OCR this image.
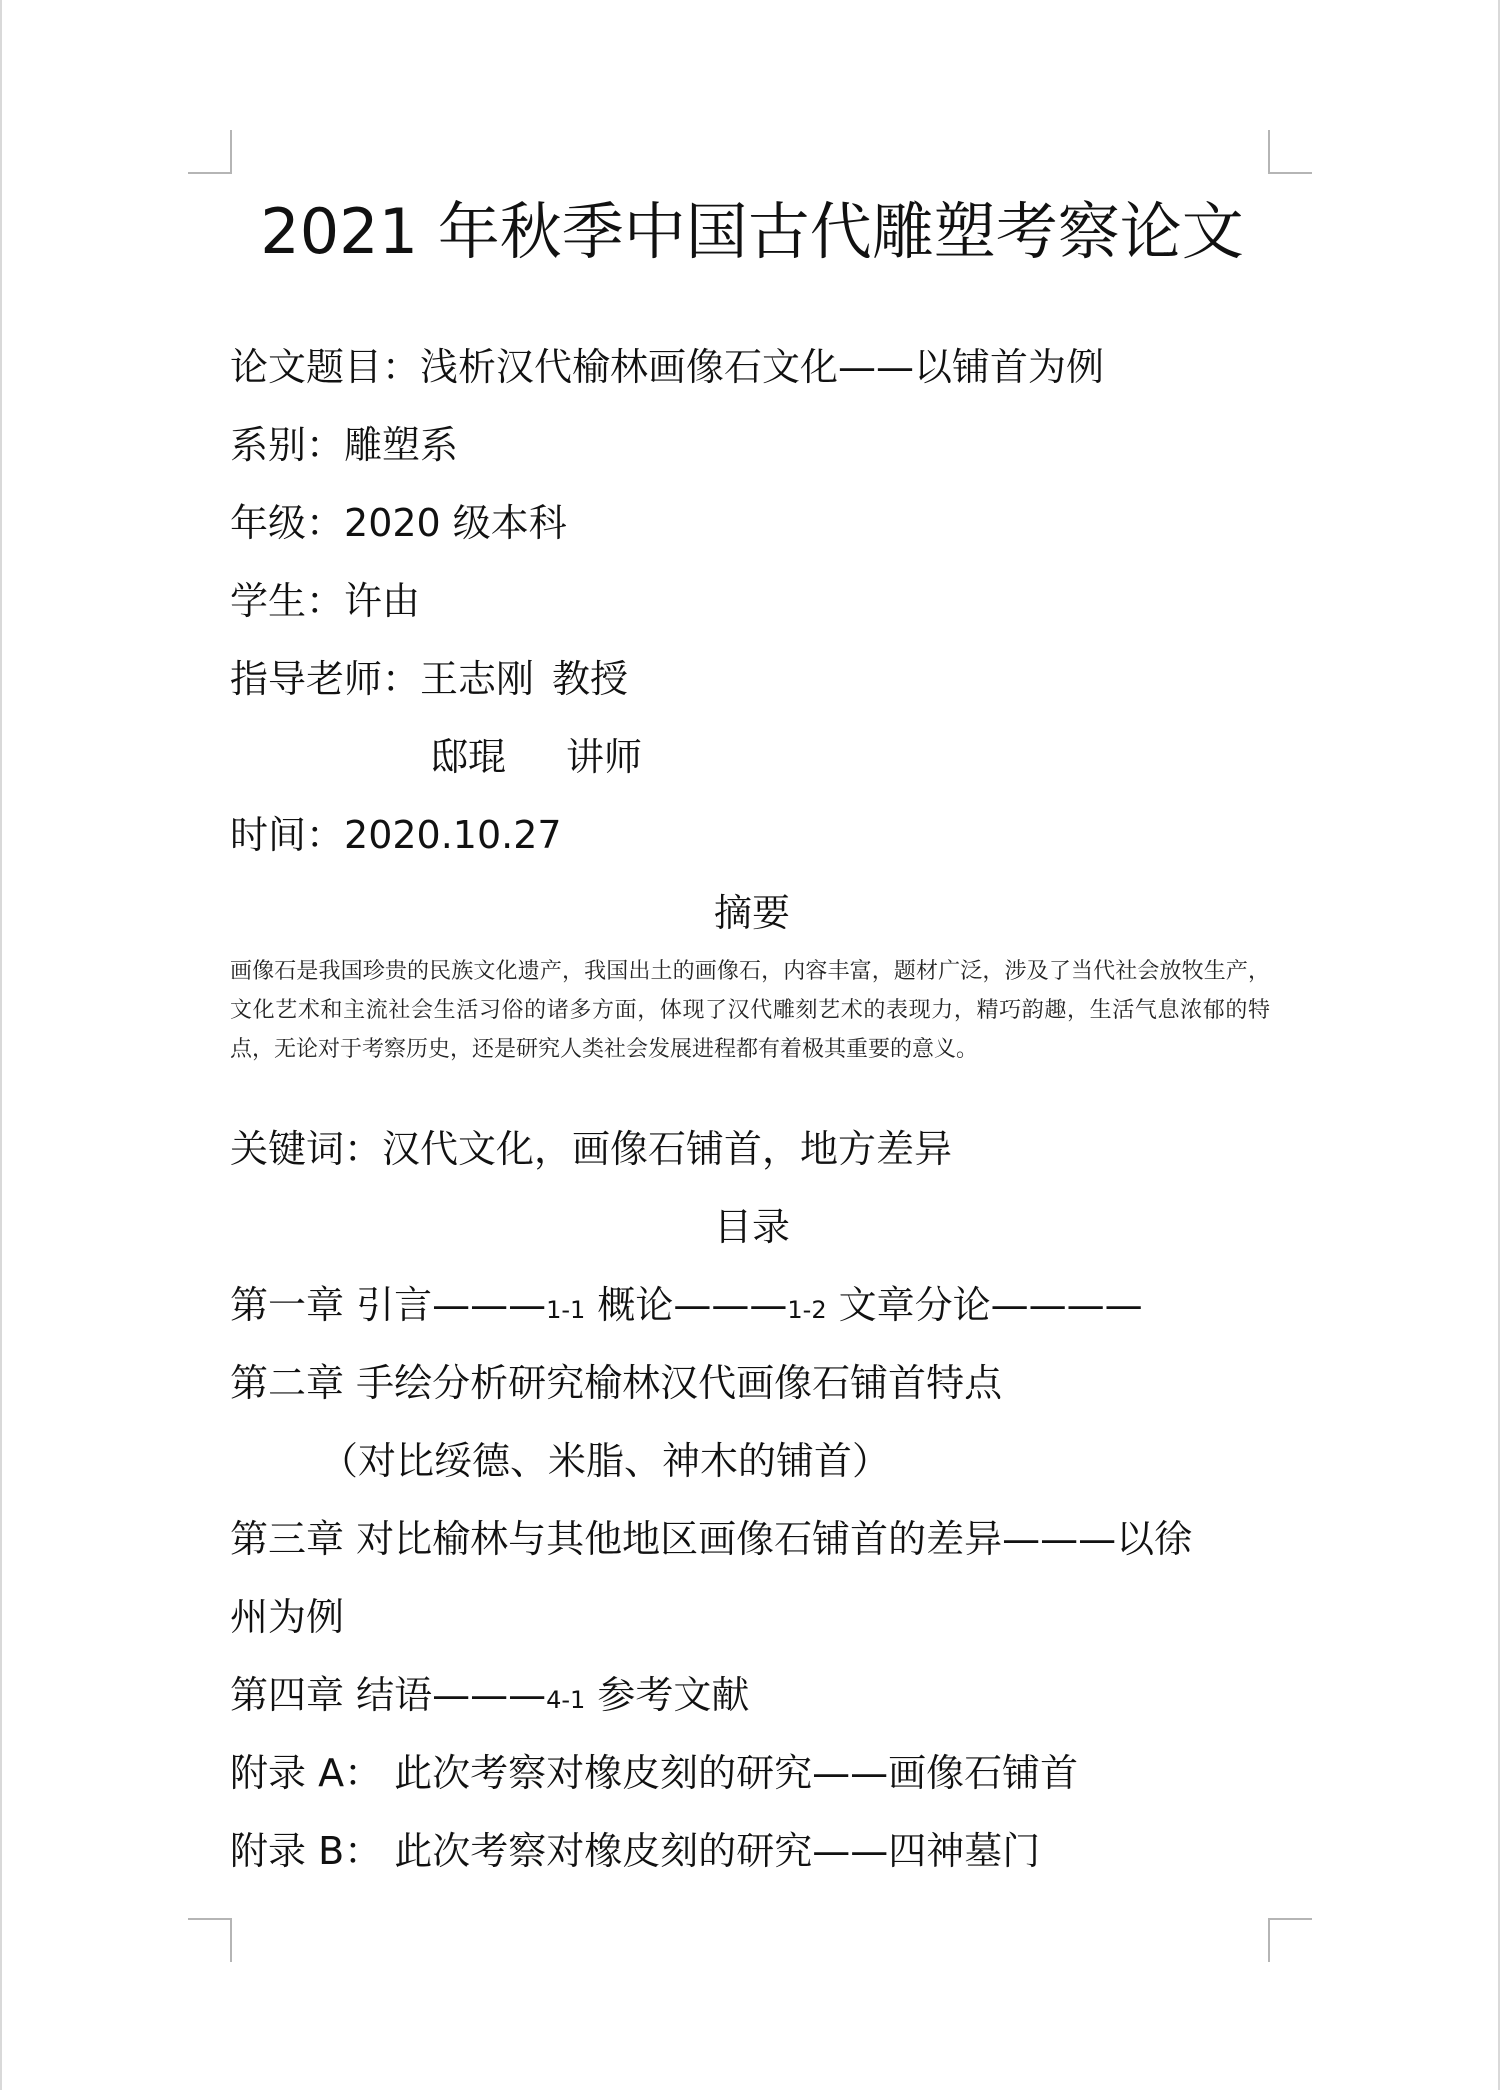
2021 年秋季中国古代雕塑考察论文
论文题目：浅析汉代榆林画像石文化——以铺首为例
系别：雕塑系
年级：2020 级本科
学生：许由
指导老师：王志刚 教授
邸琨 讲师
时间：2020.10.27
摘要
画像石是我国珍贵的民族文化遗产，我国出土的画像石，内容丰富，题材广泛，涉及了当代社会放牧生产，文化艺术和主流社会生活习俗的诸多方面，体现了汉代雕刻艺术的表现力，精巧韵趣，生活气息浓郁的特点，无论对于考察历史，还是研究人类社会发展进程都有着极其重要的意义。
关键词：汉代文化，画像石铺首，地方差异
目录
第一章 引言———1-1 概论———1-2 文章分论————
第二章 手绘分析研究榆林汉代画像石铺首特点
（对比绥德、米脂、神木的铺首）
第三章 对比榆林与其他地区画像石铺首的差异———以徐
州为例
第四章 结语———4-1 参考文献
附录 A： 此次考察对橡皮刻的研究——画像石铺首
附录 B： 此次考察对橡皮刻的研究——四神墓门
